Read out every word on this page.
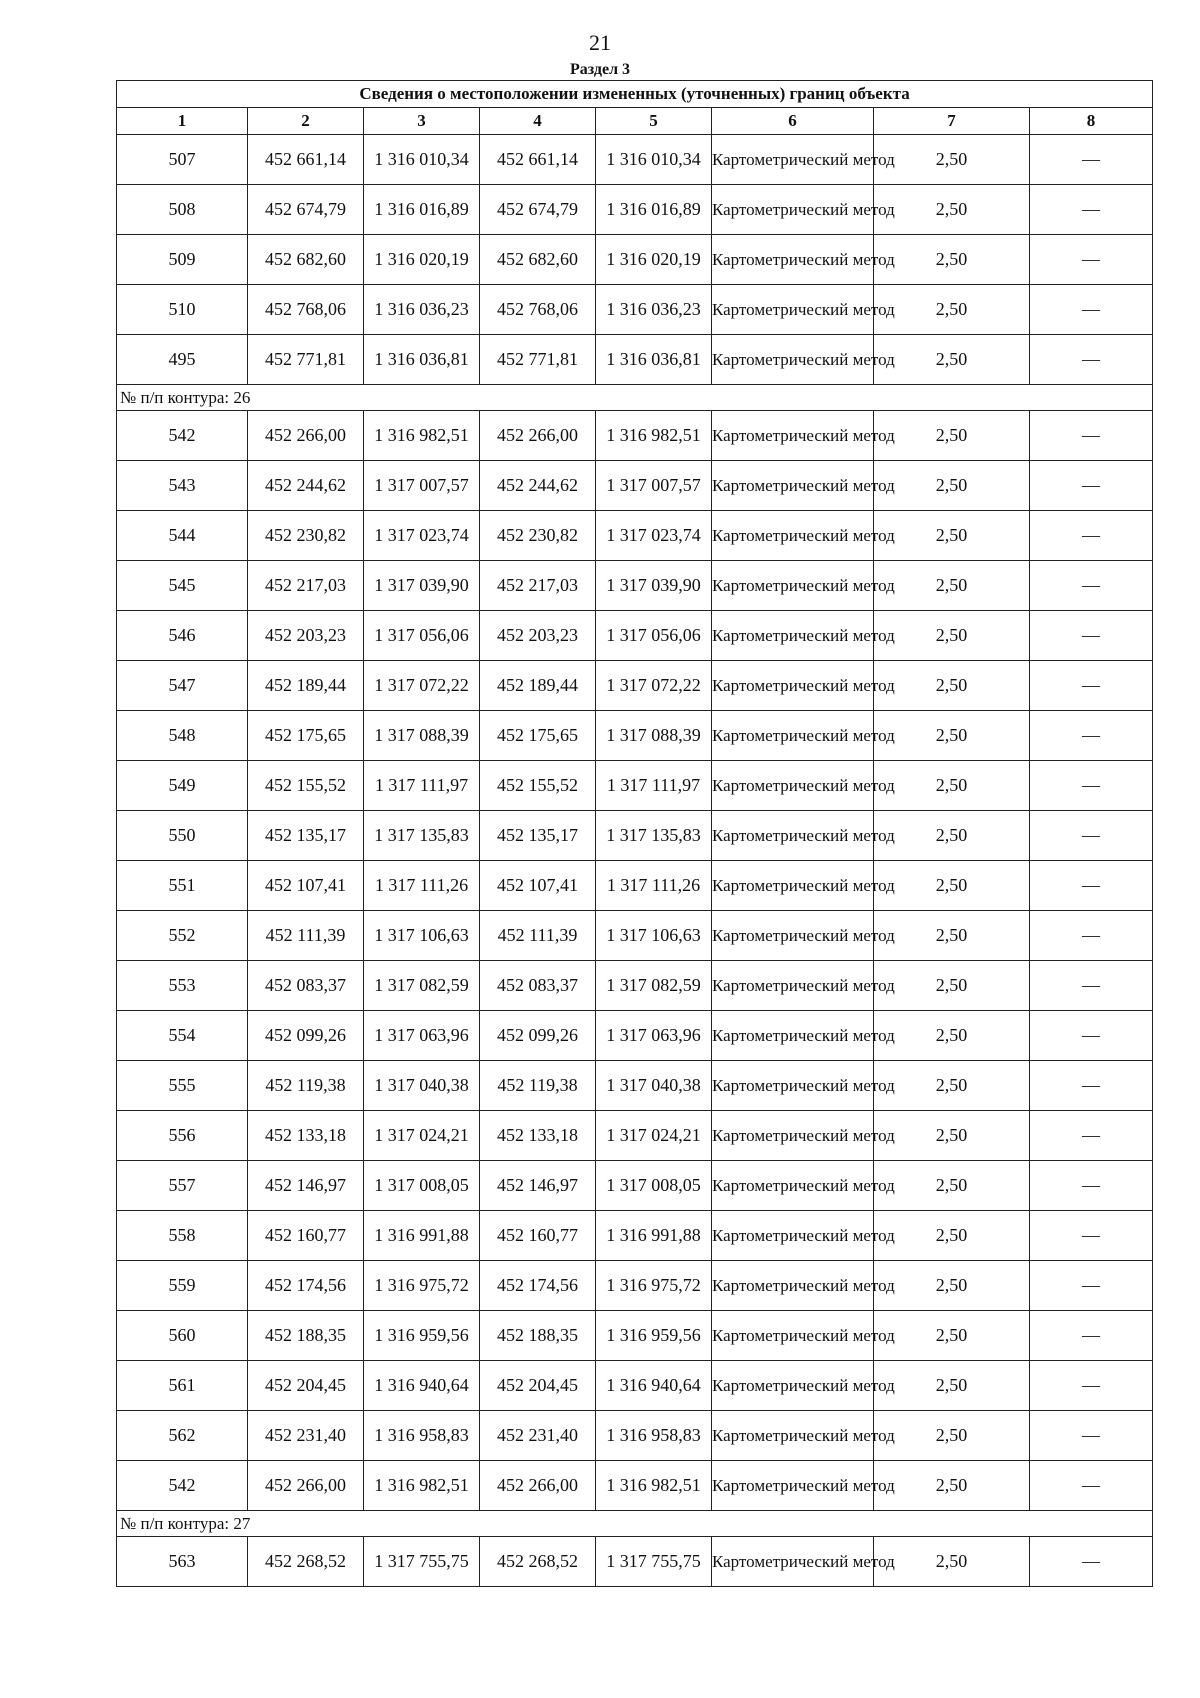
21
Раздел 3
Сведения о местоположении измененных (уточненных) границ объекта							
1	2	3	4	5	6	7	8
507	452 661,14	1 316 010,34	452 661,14	1 316 010,34	Картометрический метод	2,50	—
508	452 674,79	1 316 016,89	452 674,79	1 316 016,89	Картометрический метод	2,50	—
509	452 682,60	1 316 020,19	452 682,60	1 316 020,19	Картометрический метод	2,50	—
510	452 768,06	1 316 036,23	452 768,06	1 316 036,23	Картометрический метод	2,50	—
495	452 771,81	1 316 036,81	452 771,81	1 316 036,81	Картометрический метод	2,50	—
№ п/п контура: 26							
542	452 266,00	1 316 982,51	452 266,00	1 316 982,51	Картометрический метод	2,50	—
543	452 244,62	1 317 007,57	452 244,62	1 317 007,57	Картометрический метод	2,50	—
544	452 230,82	1 317 023,74	452 230,82	1 317 023,74	Картометрический метод	2,50	—
545	452 217,03	1 317 039,90	452 217,03	1 317 039,90	Картометрический метод	2,50	—
546	452 203,23	1 317 056,06	452 203,23	1 317 056,06	Картометрический метод	2,50	—
547	452 189,44	1 317 072,22	452 189,44	1 317 072,22	Картометрический метод	2,50	—
548	452 175,65	1 317 088,39	452 175,65	1 317 088,39	Картометрический метод	2,50	—
549	452 155,52	1 317 111,97	452 155,52	1 317 111,97	Картометрический метод	2,50	—
550	452 135,17	1 317 135,83	452 135,17	1 317 135,83	Картометрический метод	2,50	—
551	452 107,41	1 317 111,26	452 107,41	1 317 111,26	Картометрический метод	2,50	—
552	452 111,39	1 317 106,63	452 111,39	1 317 106,63	Картометрический метод	2,50	—
553	452 083,37	1 317 082,59	452 083,37	1 317 082,59	Картометрический метод	2,50	—
554	452 099,26	1 317 063,96	452 099,26	1 317 063,96	Картометрический метод	2,50	—
555	452 119,38	1 317 040,38	452 119,38	1 317 040,38	Картометрический метод	2,50	—
556	452 133,18	1 317 024,21	452 133,18	1 317 024,21	Картометрический метод	2,50	—
557	452 146,97	1 317 008,05	452 146,97	1 317 008,05	Картометрический метод	2,50	—
558	452 160,77	1 316 991,88	452 160,77	1 316 991,88	Картометрический метод	2,50	—
559	452 174,56	1 316 975,72	452 174,56	1 316 975,72	Картометрический метод	2,50	—
560	452 188,35	1 316 959,56	452 188,35	1 316 959,56	Картометрический метод	2,50	—
561	452 204,45	1 316 940,64	452 204,45	1 316 940,64	Картометрический метод	2,50	—
562	452 231,40	1 316 958,83	452 231,40	1 316 958,83	Картометрический метод	2,50	—
542	452 266,00	1 316 982,51	452 266,00	1 316 982,51	Картометрический метод	2,50	—
№ п/п контура: 27							
563	452 268,52	1 317 755,75	452 268,52	1 317 755,75	Картометрический метод	2,50	—
